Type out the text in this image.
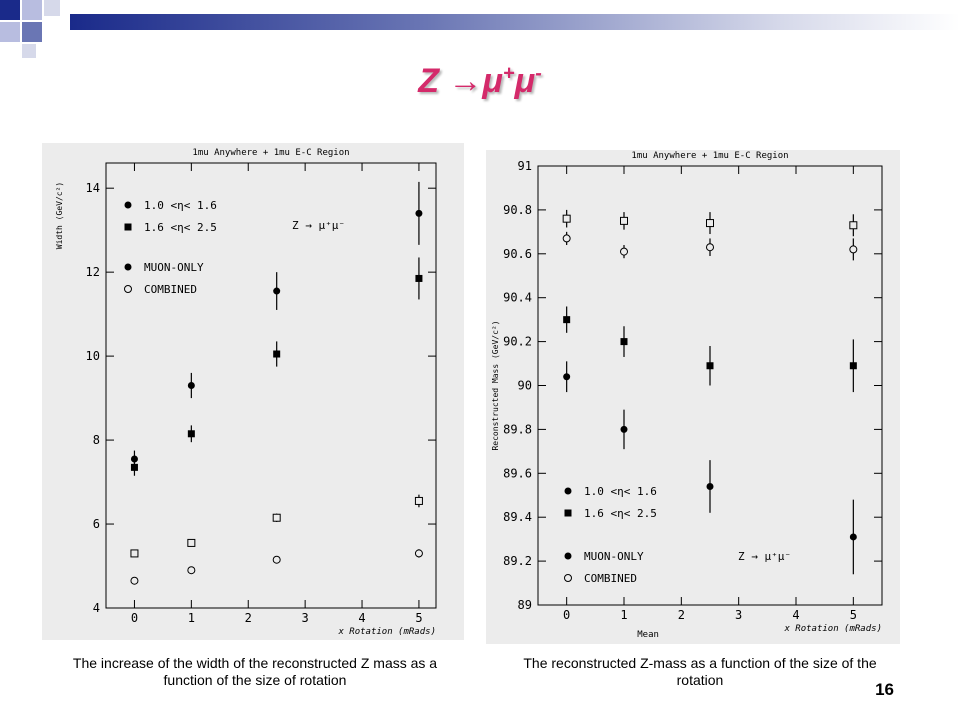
Z →μ+μ-
1mu Anywhere + 1mu E-C Region
0	1	2	3	4	5
4
6
8
10
12
14
x Rotation (mRads)
Width (GeV/c²)	1.0 <η< 1.6
1.6 <η< 2.5
MUON-ONLY
COMBINED
Z → μ⁺μ⁻
1mu Anywhere + 1mu E-C Region
0	1	2	3	4	5
89
89.2
89.4
89.6
89.8
90
90.2
90.4
90.6
90.8
91
x Rotation (mRads)
Mean
Reconstructed Mass (GeV/c²)
1.0 <η< 1.6
1.6 <η< 2.5
MUON-ONLY
COMBINED
Z → μ⁺μ⁻
The increase of the width of the reconstructed Z mass as a function of the size of rotation
The reconstructed Z-mass as a function of the size of the rotation	16
